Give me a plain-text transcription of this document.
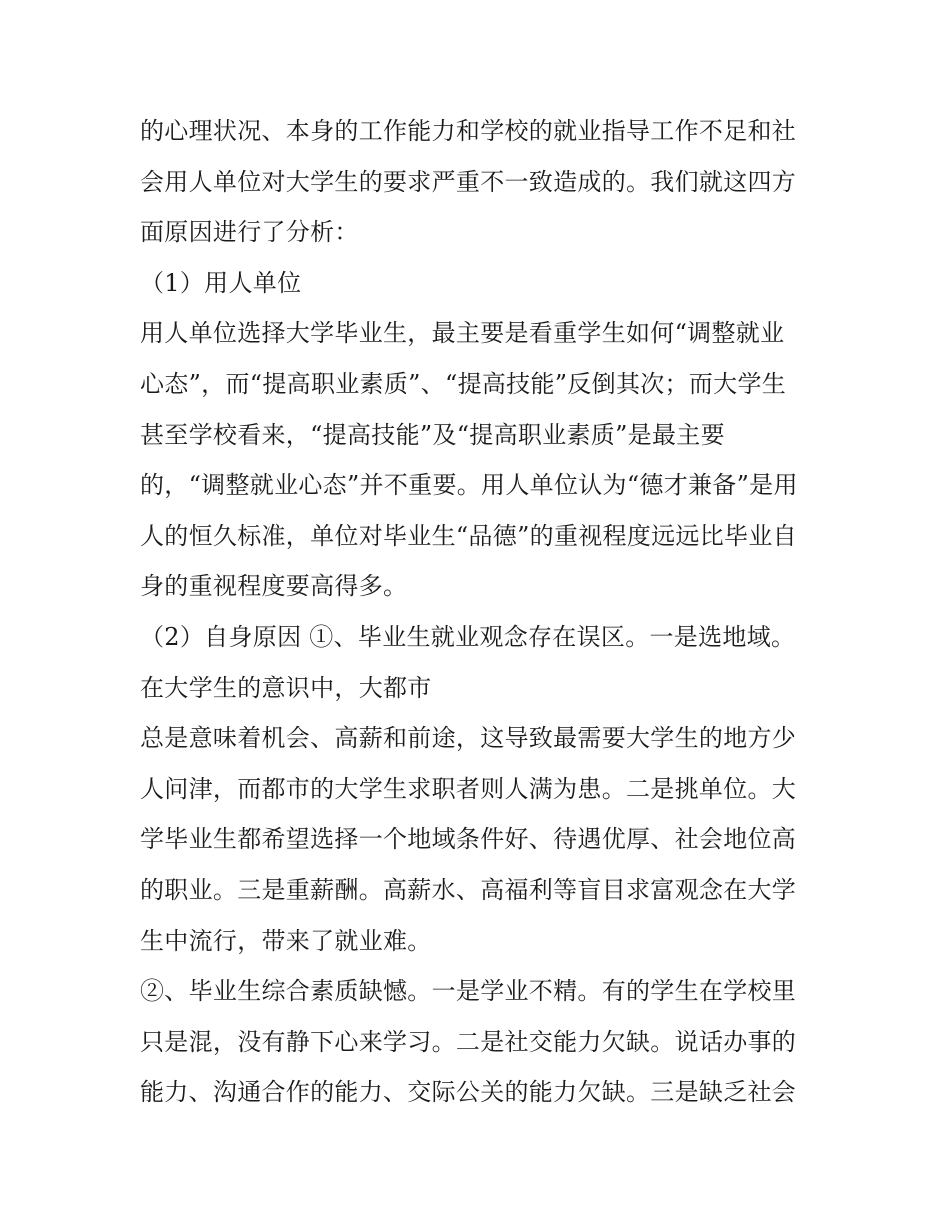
的心理状况、本身的工作能力和学校的就业指导工作不足和社
会用人单位对大学生的要求严重不一致造成的。我们就这四方
面原因进行了分析：
（1）用人单位
用人单位选择大学毕业生，最主要是看重学生如何“调整就业
心态”，而“提高职业素质”、“提高技能”反倒其次；而大学生
甚至学校看来，“提高技能”及“提高职业素质”是最主要
的，“调整就业心态”并不重要。用人单位认为“德才兼备”是用
人的恒久标准，单位对毕业生“品德”的重视程度远远比毕业自
身的重视程度要高得多。
（2）自身原因 ①、毕业生就业观念存在误区。一是选地域。
在大学生的意识中，大都市
总是意味着机会、高薪和前途，这导致最需要大学生的地方少
人问津，而都市的大学生求职者则人满为患。二是挑单位。大
学毕业生都希望选择一个地域条件好、待遇优厚、社会地位高
的职业。三是重薪酬。高薪水、高福利等盲目求富观念在大学
生中流行，带来了就业难。
②、毕业生综合素质缺憾。一是学业不精。有的学生在学校里
只是混，没有静下心来学习。二是社交能力欠缺。说话办事的
能力、沟通合作的能力、交际公关的能力欠缺。三是缺乏社会
